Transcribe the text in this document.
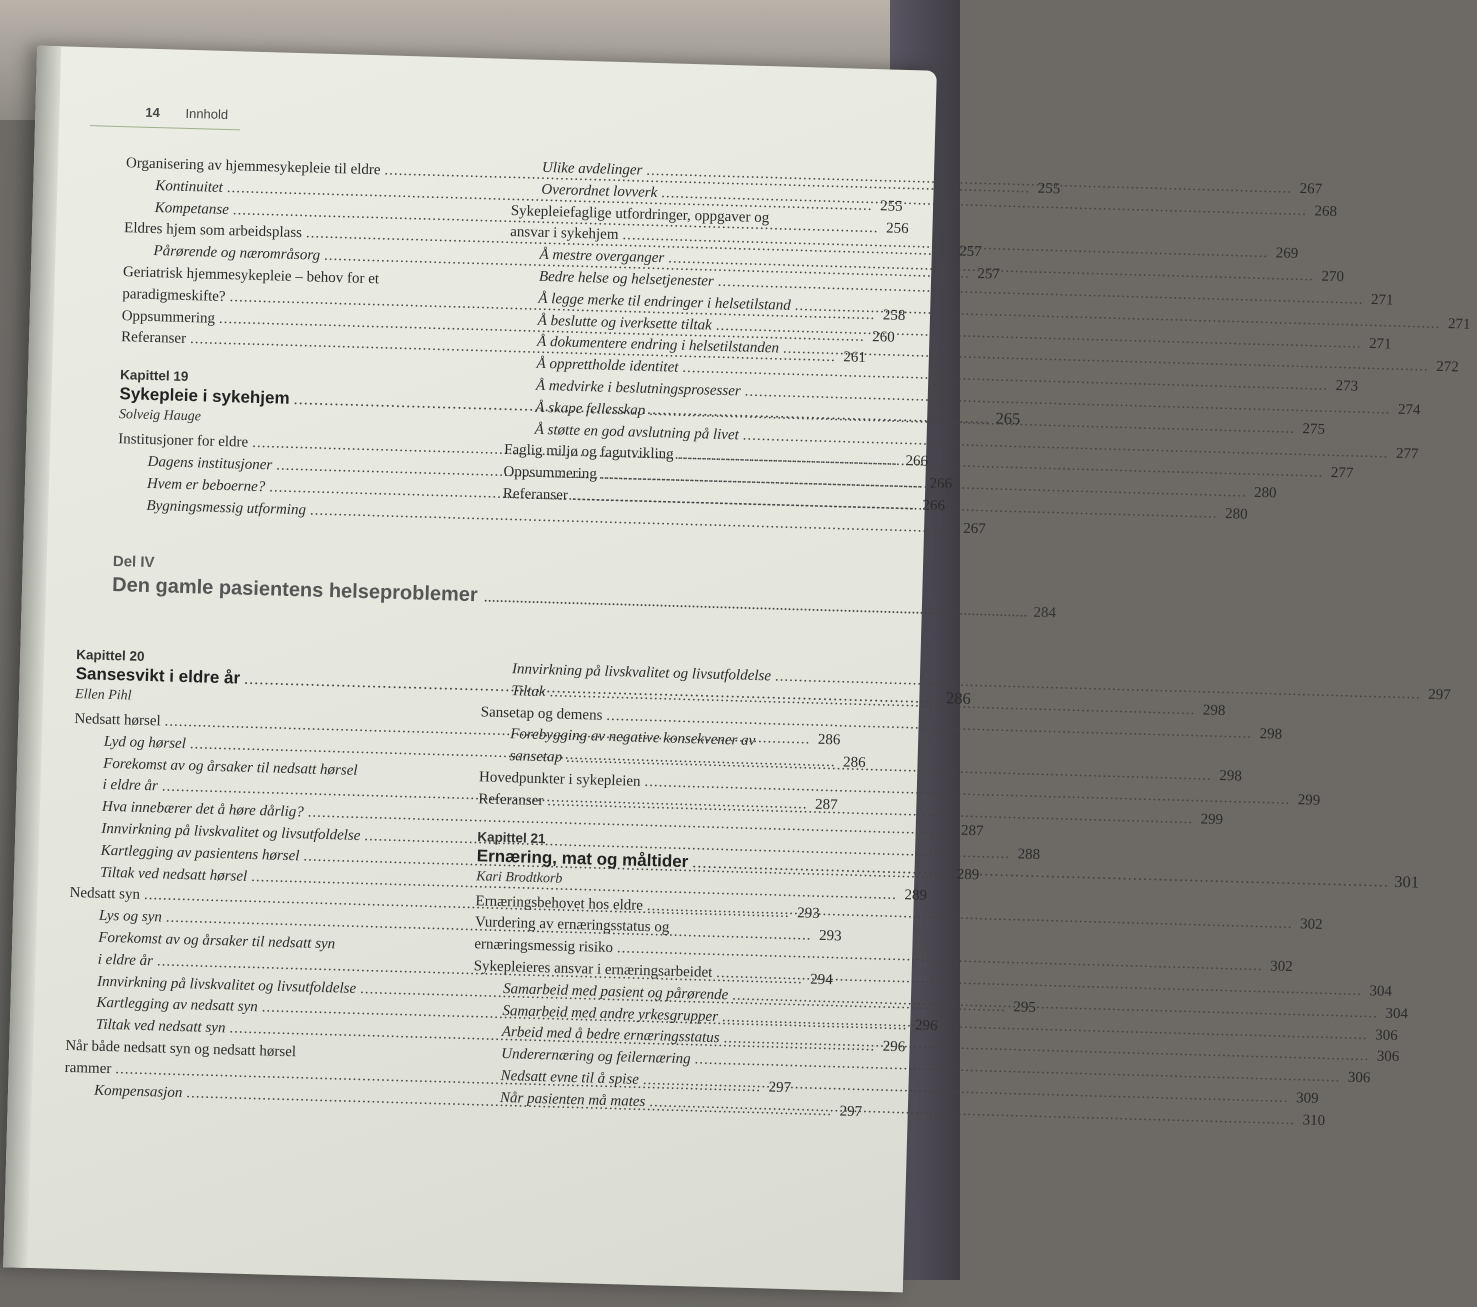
14 Innhold
Organisering av hjemmesykepleie til eldre
.....
255
Kontinuitet
.....
255
Kompetanse
.....
256
Eldres hjem som arbeidsplass
.....
257
Pårørende og nærområsorg
.....
257
Geriatrisk hjemmesykepleie – behov for et
paradigmeskifte?
.....
258
Oppsummering
.....
260
Referanser
.....
261
Kapittel 19
Sykepleie i sykehjem
.....
265
Solveig Hauge
Institusjoner for eldre
.....
266
Dagens institusjoner
.....
266
Hvem er beboerne?
.....
266
Bygningsmessig utforming
.....
267
Ulike avdelinger
.....
267
Overordnet lovverk
.....
268
Sykepleiefaglige utfordringer, oppgaver og
ansvar i sykehjem
.....
269
Å mestre overganger
.....
270
Bedre helse og helsetjenester
.....
271
Å legge merke til endringer i helsetilstand
.....
271
Å beslutte og iverksette tiltak
.....
271
Å dokumentere endring i helsetilstanden
.....
272
Å opprettholde identitet
.....
273
Å medvirke i beslutningsprosesser
.....
274
Å skape fellesskap
.....
275
Å støtte en god avslutning på livet
.....
277
Faglig miljø og fagutvikling
.....
277
Oppsummering
.....
280
Referanser
.....
280
Del IV
Den gamle pasientens helseproblemer
.....
284
Kapittel 20
Sansesvikt i eldre år
.....
286
Ellen Pihl
Nedsatt hørsel
.....
286
Lyd og hørsel
.....
286
Forekomst av og årsaker til nedsatt hørsel
i eldre år
.....
287
Hva innebærer det å høre dårlig?
.....
287
Innvirkning på livskvalitet og livsutfoldelse
.....
288
Kartlegging av pasientens hørsel
.....
289
Tiltak ved nedsatt hørsel
.....
289
Nedsatt syn
.....
293
Lys og syn
.....
293
Forekomst av og årsaker til nedsatt syn
i eldre år
.....
294
Innvirkning på livskvalitet og livsutfoldelse
.....
295
Kartlegging av nedsatt syn
.....
296
Tiltak ved nedsatt syn
.....
296
Når både nedsatt syn og nedsatt hørsel
rammer
.....
297
Kompensasjon
.....
297
Innvirkning på livskvalitet og livsutfoldelse
.....
297
Tiltak
.....
298
Sansetap og demens
.....
298
Forebygging av negative konsekvener av
sansetap
.....
298
Hovedpunkter i sykepleien
.....
299
Referanser
.....
299
Kapittel 21
Ernæring, mat og måltider
.....
301
Kari Brodtkorb
Ernæringsbehovet hos eldre
.....
302
Vurdering av ernæringsstatus og
ernæringsmessig risiko
.....
302
Sykepleieres ansvar i ernæringsarbeidet
.....
304
Samarbeid med pasient og pårørende
.....
304
Samarbeid med andre yrkesgrupper
.....
306
Arbeid med å bedre ernæringsstatus
.....
306
Underernæring og feilernæring
.....
306
Nedsatt evne til å spise
.....
309
Når pasienten må mates
.....
310
